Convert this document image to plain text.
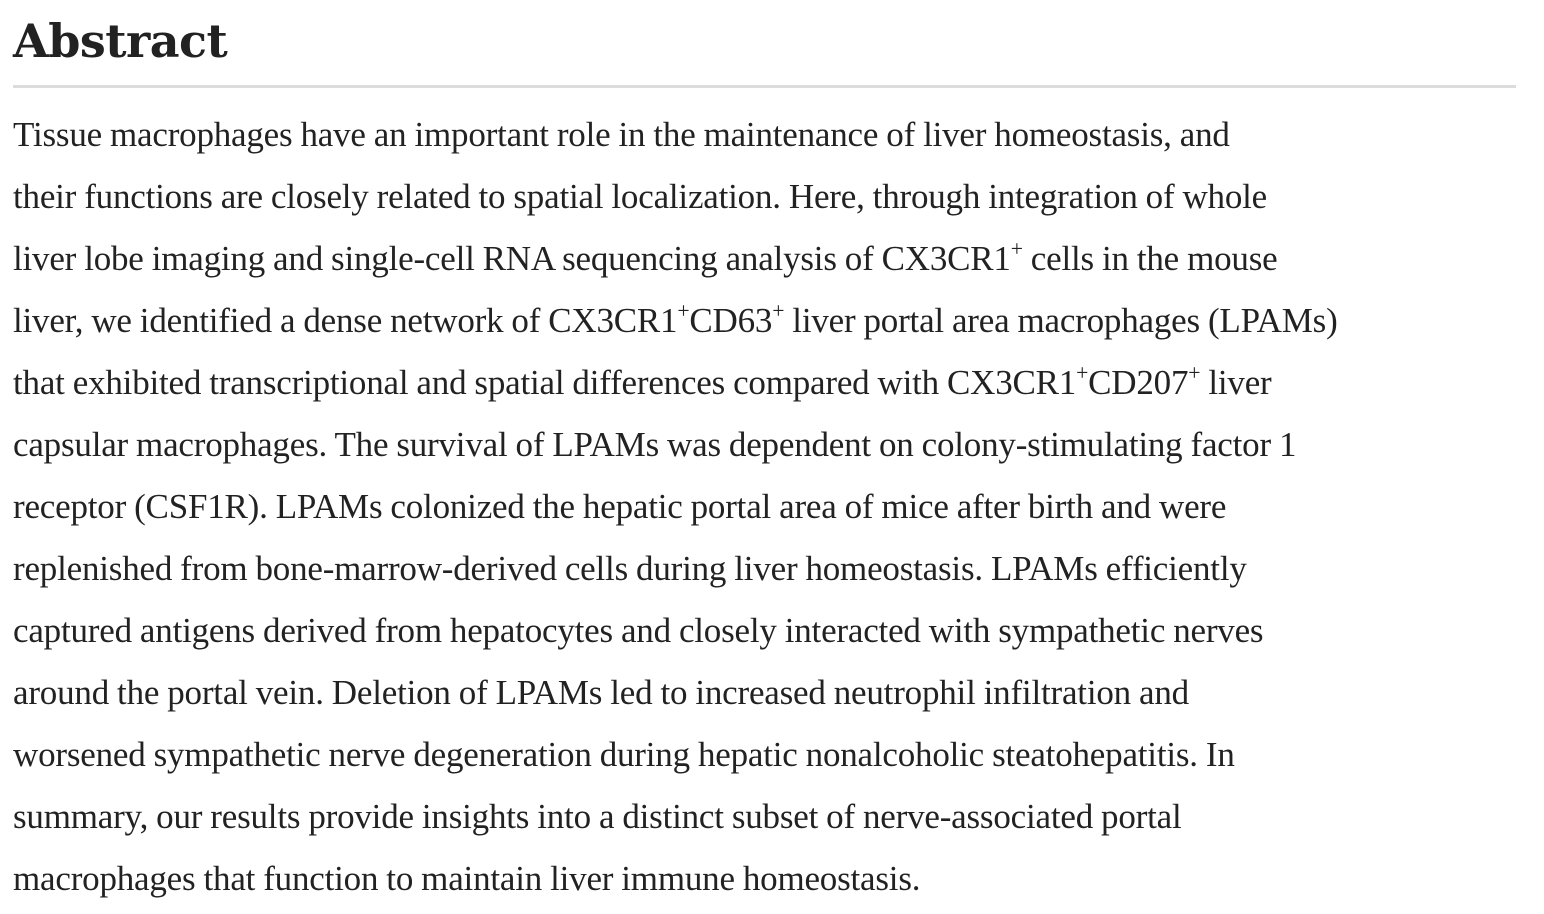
Abstract

Tissue macrophages have an important role in the maintenance of liver homeostasis, and
their functions are closely related to spatial localization. Here, through integration of whole
liver lobe imaging and single-cell RNA sequencing analysis of CX3CR1+ cells in the mouse
liver, we identified a dense network of CX3CR1+CD63+ liver portal area macrophages (LPAMs)
that exhibited transcriptional and spatial differences compared with CX3CR1+CD207+ liver
capsular macrophages. The survival of LPAMs was dependent on colony-stimulating factor 1
receptor (CSF1R). LPAMs colonized the hepatic portal area of mice after birth and were
replenished from bone-marrow-derived cells during liver homeostasis. LPAMs efficiently
captured antigens derived from hepatocytes and closely interacted with sympathetic nerves
around the portal vein. Deletion of LPAMs led to increased neutrophil infiltration and
worsened sympathetic nerve degeneration during hepatic nonalcoholic steatohepatitis. In
summary, our results provide insights into a distinct subset of nerve-associated portal
macrophages that function to maintain liver immune homeostasis.
